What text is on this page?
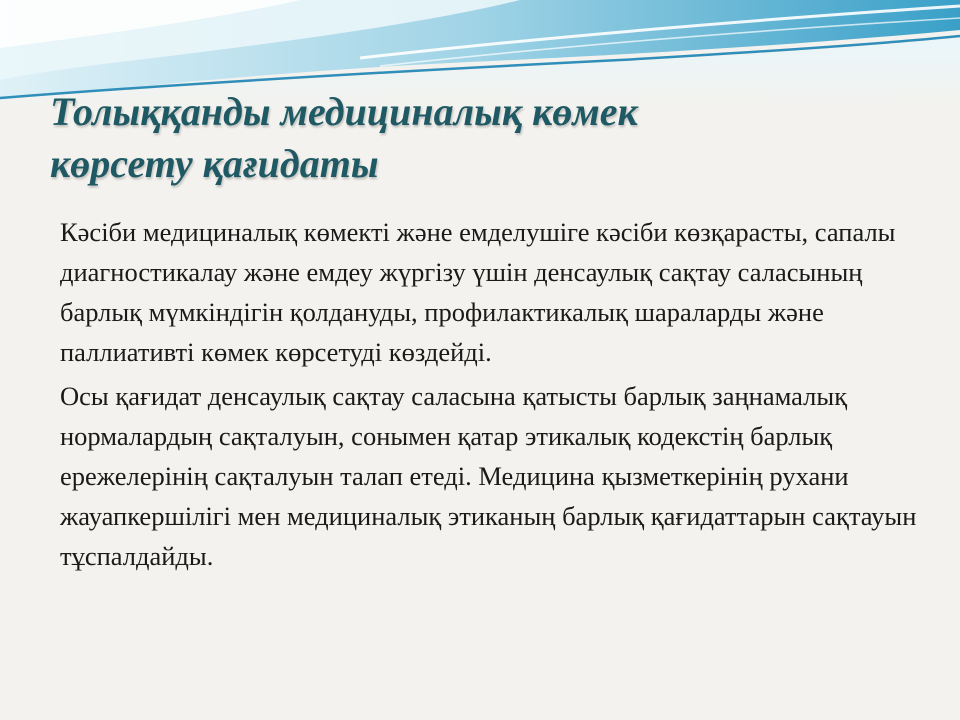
Толыққанды медициналық көмек
көрсету қағидаты

Кәсіби медициналық көмекті және емделушіге кәсіби көзқарасты, сапалы диагностикалау және емдеу жүргізу үшін денсаулық сақтау саласының барлық мүмкіндігін қолдануды, профилактикалық шараларды және паллиативті көмек көрсетуді көздейді.

Осы қағидат денсаулық сақтау саласына қатысты барлық заңнамалық нормалардың сақталуын, сонымен қатар этикалық кодекстің барлық ережелерінің сақталуын талап етеді. Медицина қызметкерінің рухани жауапкершілігі мен медициналық этиканың барлық қағидаттарын сақтауын тұспалдайды.
